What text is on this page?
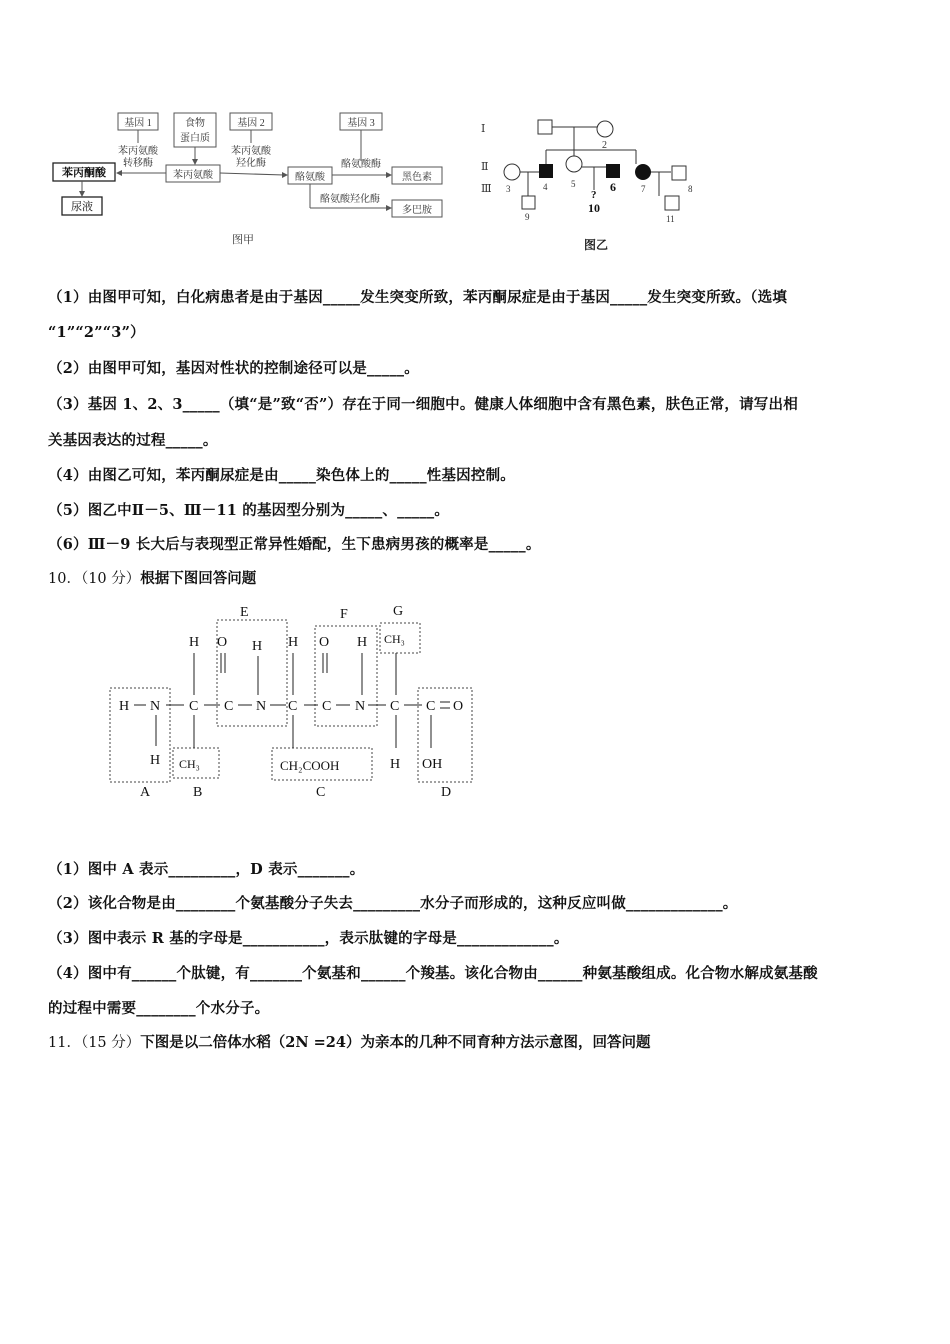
基因 1	食物
蛋白质
基因 2	基因 3
苯丙氨酸
转移酶
苯丙氨酸
羟化酶
苯丙氨酸	酪氨酸
酪氨酸酶
黑色素
酪氨酸羟化酶
多巴胺
苯丙酮酸
尿液
图甲
Ⅰ
Ⅱ
Ⅲ
2
3	4	5	6	7	8
9
?
10
11
图乙
（1）由图甲可知，白化病患者是由于基因_____发生突变所致，苯丙酮尿症是由于基因_____发生突变所致。（选填
“1”“2”“3”）
（2）由图甲可知，基因对性状的控制途径可以是_____。
（3）基因 1、2、3_____（填“是”致“否”）存在于同一细胞中。健康人体细胞中含有黑色素，肤色正常，请写出相
关基因表达的过程_____。
（4）由图乙可知，苯丙酮尿症是由_____染色体上的_____性基因控制。
（5）图乙中Ⅱ－5、Ⅲ－11 的基因型分别为_____、_____。
（6）Ⅲ－9 长大后与表现型正常异性婚配，生下患病男孩的概率是_____。
10．（10 分）根据下图回答问题
E	F	G
A	B	C	D
H O H H O H CH₃
H N C C N C C N C C O
H CH₃	CH₂COOH	H OH
（1）图中 A 表示_________，D 表示_______。
（2）该化合物是由________个氨基酸分子失去_________水分子而形成的，这种反应叫做_____________。
（3）图中表示 R 基的字母是___________，表示肽键的字母是_____________。
（4）图中有______个肽键，有_______个氨基和______个羧基。该化合物由______种氨基酸组成。化合物水解成氨基酸
的过程中需要________个水分子。
11．（15 分）下图是以二倍体水稻（2N =24）为亲本的几种不同育种方法示意图，回答问题
